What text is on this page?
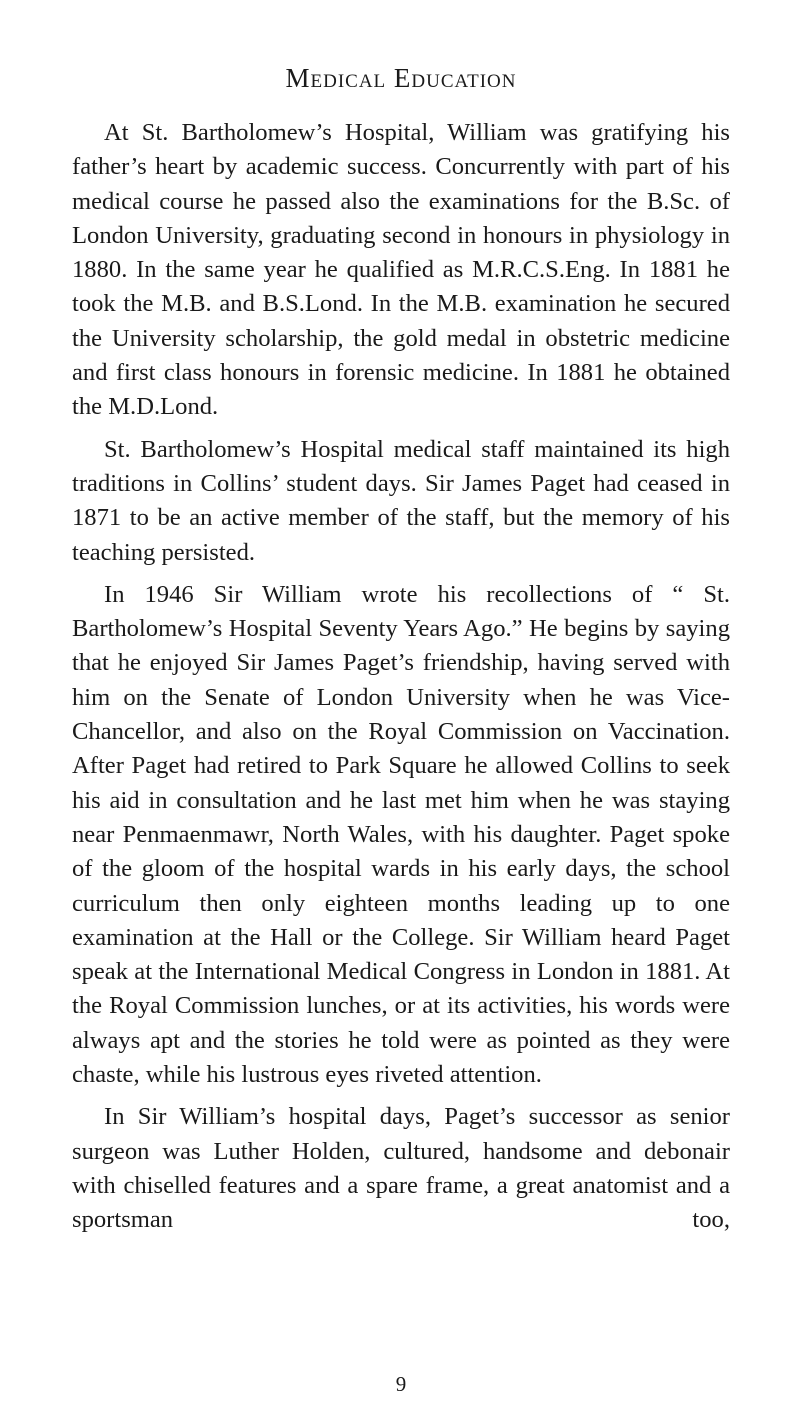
Medical Education

At St. Bartholomew’s Hospital, William was gratifying his father’s heart by academic success. Concurrently with part of his medical course he passed also the examinations for the B.Sc. of London University, graduating second in honours in physiology in 1880. In the same year he qualified as M.R.C.S.Eng. In 1881 he took the M.B. and B.S.Lond. In the M.B. examination he secured the University scholarship, the gold medal in obstetric medicine and first class honours in forensic medicine. In 1881 he obtained the M.D.Lond.

St. Bartholomew’s Hospital medical staff maintained its high traditions in Collins’ student days. Sir James Paget had ceased in 1871 to be an active member of the staff, but the memory of his teaching persisted.

In 1946 Sir William wrote his recollections of “ St. Bartholomew’s Hospital Seventy Years Ago.” He begins by saying that he enjoyed Sir James Paget’s friendship, having served with him on the Senate of London University when he was Vice-Chancellor, and also on the Royal Commission on Vaccination. After Paget had retired to Park Square he allowed Collins to seek his aid in consultation and he last met him when he was staying near Penmaenmawr, North Wales, with his daughter. Paget spoke of the gloom of the hospital wards in his early days, the school curriculum then only eighteen months leading up to one examination at the Hall or the College. Sir William heard Paget speak at the International Medical Congress in London in 1881. At the Royal Commission lunches, or at its activities, his words were always apt and the stories he told were as pointed as they were chaste, while his lustrous eyes riveted attention.

In Sir William’s hospital days, Paget’s successor as senior surgeon was Luther Holden, cultured, handsome and debonair with chiselled features and a spare frame, a great anatomist and a sportsman too,

9
